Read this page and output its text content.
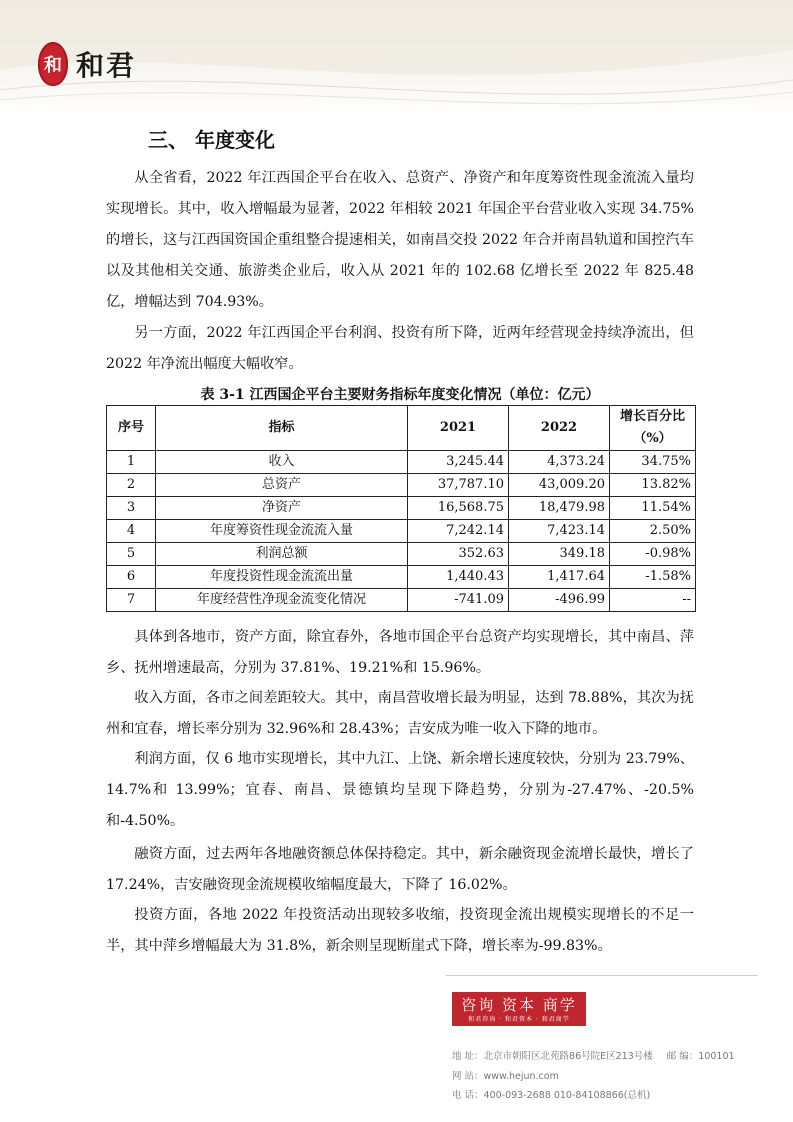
和 和君
三、 年度变化

从全省看，2022 年江西国企平台在收入、总资产、净资产和年度筹资性现金流流入量均实现增长。其中，收入增幅最为显著，2022 年相较 2021 年国企平台营业收入实现 34.75%的增长，这与江西国资国企重组整合提速相关，如南昌交投 2022 年合并南昌轨道和国控汽车以及其他相关交通、旅游类企业后，收入从 2021 年的 102.68 亿增长至 2022 年 825.48 亿，增幅达到 704.93%。

另一方面，2022 年江西国企平台利润、投资有所下降，近两年经营现金持续净流出，但 2022 年净流出幅度大幅收窄。

表 3-1 江西国企平台主要财务指标年度变化情况（单位：亿元）
序号	指标	2021	2022	增长百分比（%）
1	收入	3,245.44	4,373.24	34.75%
2	总资产	37,787.10	43,009.20	13.82%
3	净资产	16,568.75	18,479.98	11.54%
4	年度筹资性现金流流入量	7,242.14	7,423.14	2.50%
5	利润总额	352.63	349.18	-0.98%
6	年度投资性现金流流出量	1,440.43	1,417.64	-1.58%
7	年度经营性净现金流变化情况	-741.09	-496.99	--

具体到各地市，资产方面，除宜春外，各地市国企平台总资产均实现增长，其中南昌、萍乡、抚州增速最高，分别为 37.81%、19.21%和 15.96%。

收入方面，各市之间差距较大。其中，南昌营收增长最为明显，达到 78.88%，其次为抚州和宜春，增长率分别为 32.96%和 28.43%；吉安成为唯一收入下降的地市。

利润方面，仅 6 地市实现增长，其中九江、上饶、新余增长速度较快，分别为 23.79%、14.7%和 13.99%；宜春、南昌、景德镇均呈现下降趋势，分别为-27.47%、-20.5%和-4.50%。

融资方面，过去两年各地融资额总体保持稳定。其中，新余融资现金流增长最快，增长了 17.24%，吉安融资现金流规模收缩幅度最大，下降了 16.02%。

投资方面，各地 2022 年投资活动出现较多收缩，投资现金流出规模实现增长的不足一半，其中萍乡增幅最大为 31.8%，新余则呈现断崖式下降，增长率为-99.83%。

咨询 资本 商学
和君咨询 · 和君资本 · 和君商学
地 址：北京市朝阳区北苑路86号院E区213号楼 邮 编：100101
网 站：www.hejun.com
电 话：400-093-2688 010-84108866(总机)
